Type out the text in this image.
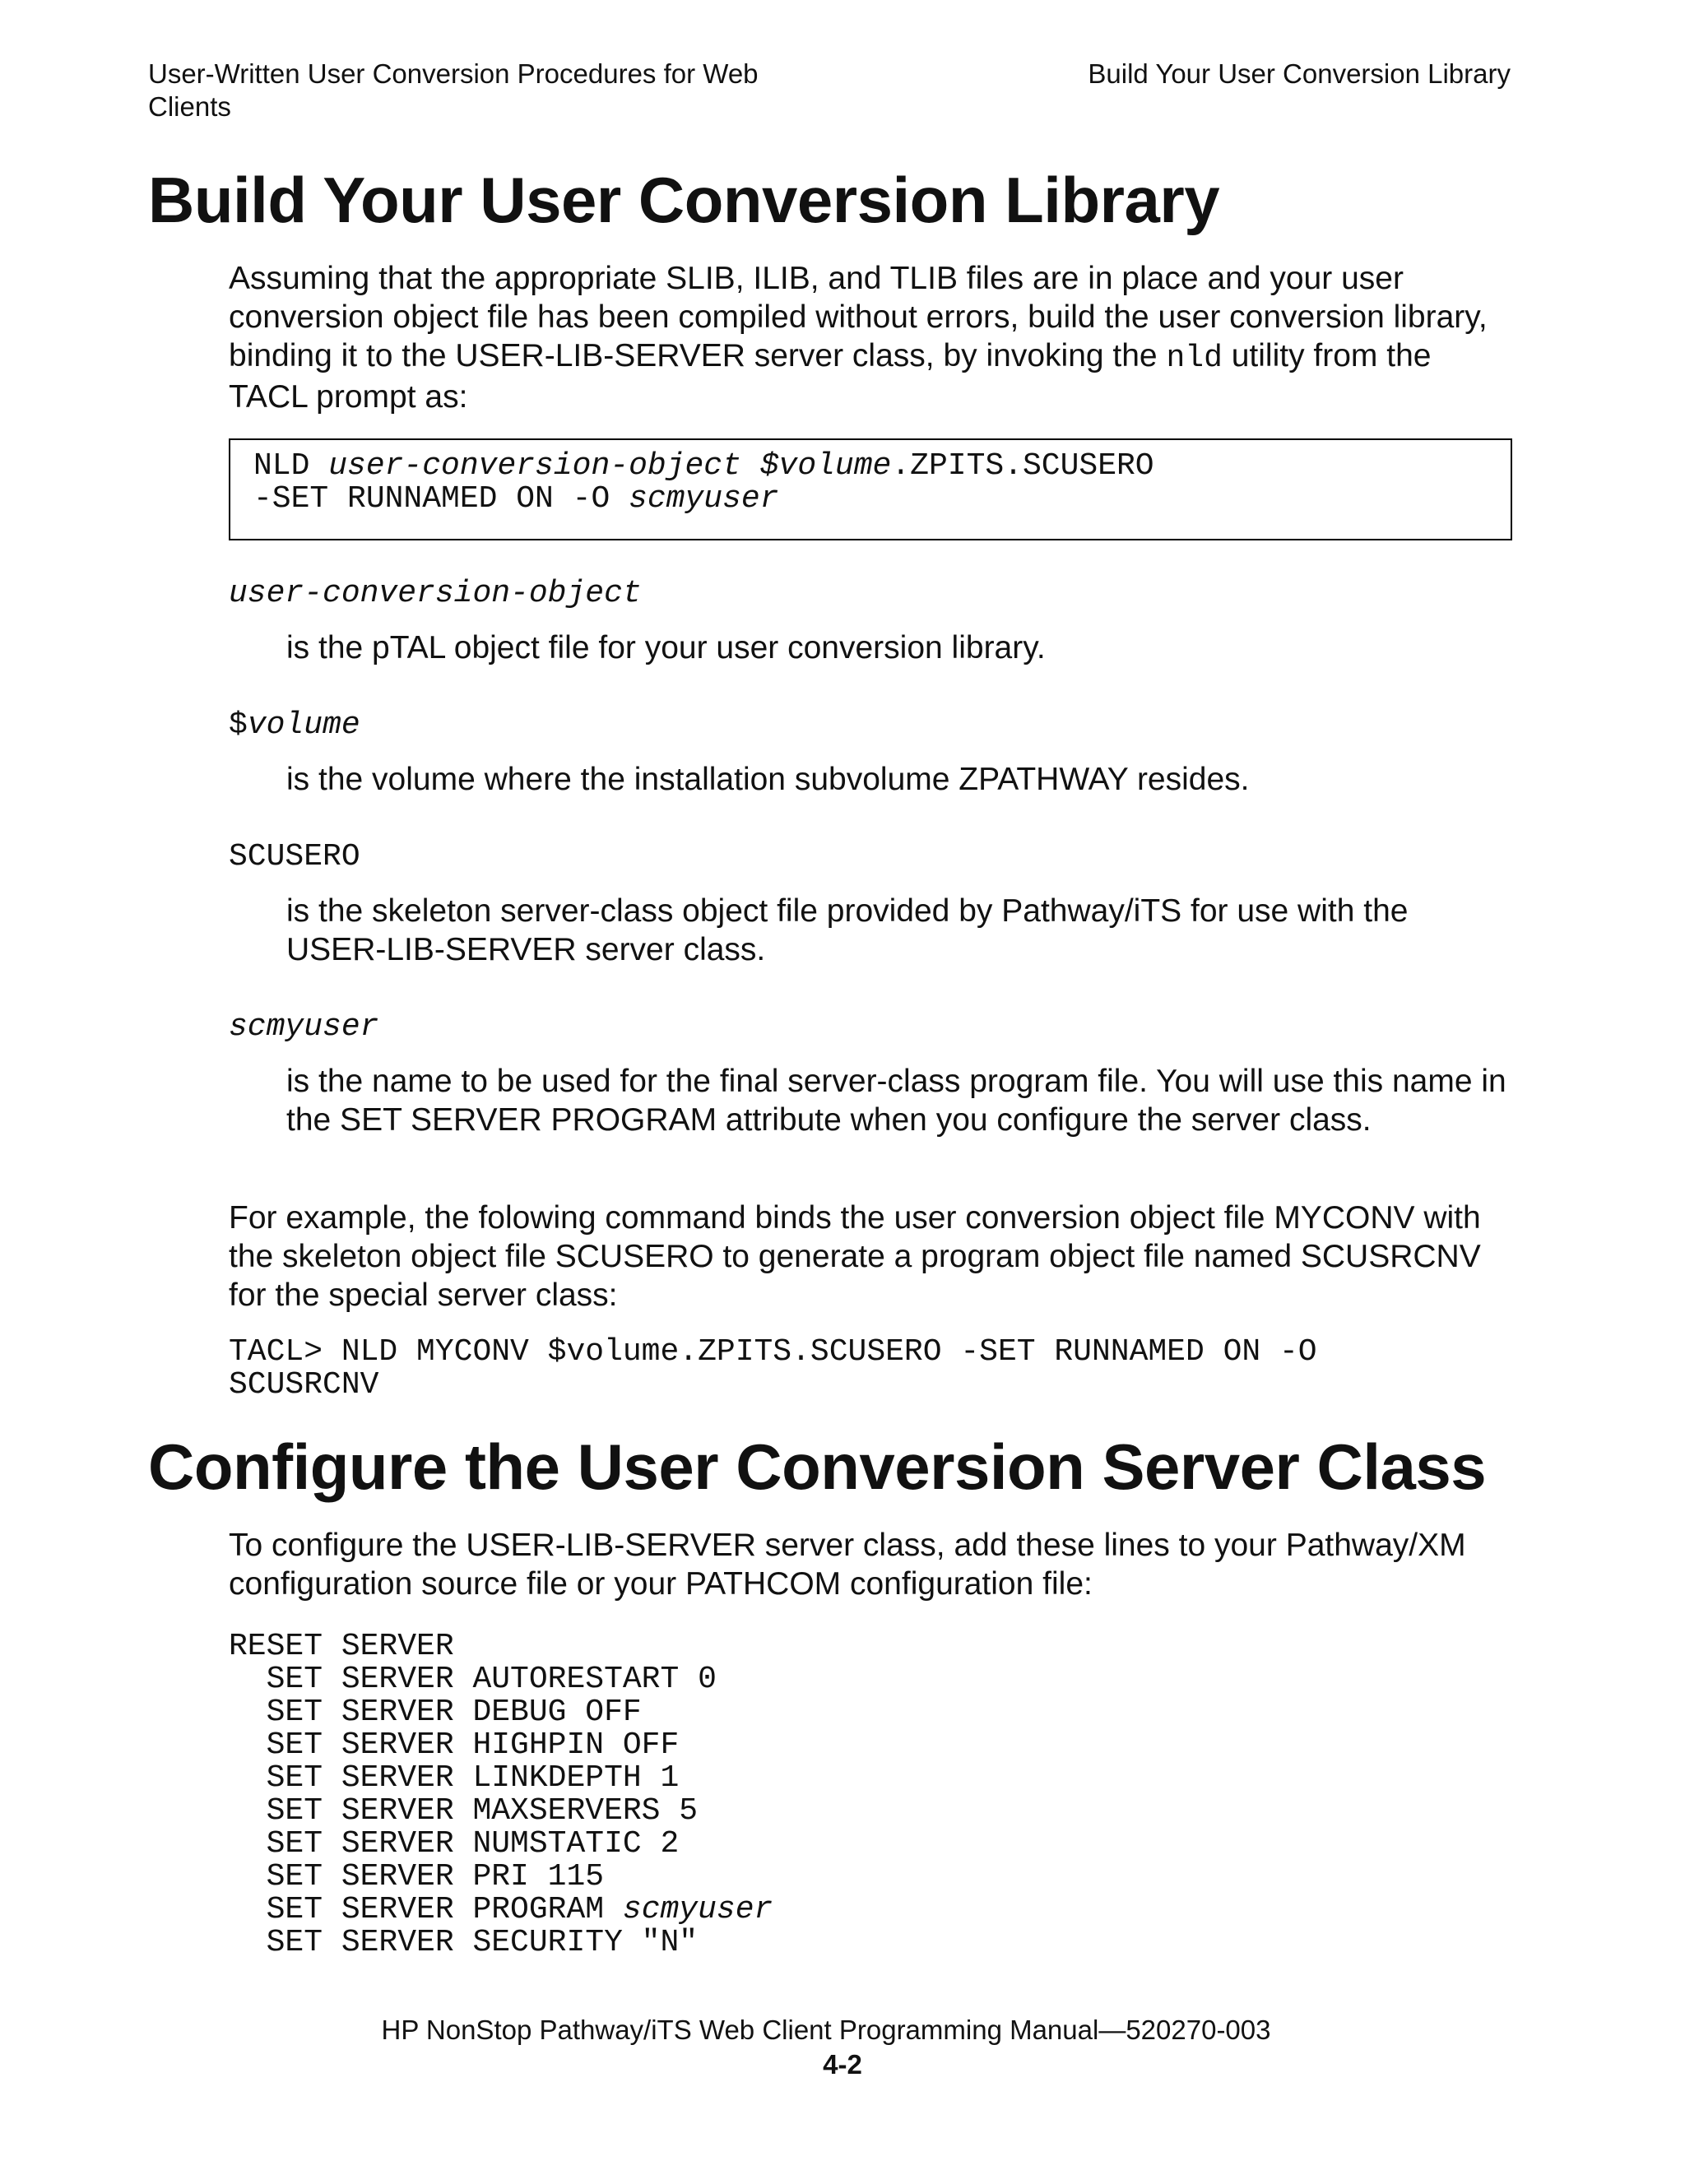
User-Written User Conversion Procedures for Web Clients
Build Your User Conversion Library
Build Your User Conversion Library
Assuming that the appropriate SLIB, ILIB, and TLIB files are in place and your user conversion object file has been compiled without errors, build the user conversion library, binding it to the USER-LIB-SERVER server class, by invoking the nld utility from the TACL prompt as:
NLD user-conversion-object $volume.ZPITS.SCUSERO
-SET RUNNAMED ON -O scmyuser
user-conversion-object
is the pTAL object file for your user conversion library.
$volume
is the volume where the installation subvolume ZPATHWAY resides.
SCUSERO
is the skeleton server-class object file provided by Pathway/iTS for use with the USER-LIB-SERVER server class.
scmyuser
is the name to be used for the final server-class program file. You will use this name in the SET SERVER PROGRAM attribute when you configure the server class.
For example, the folowing command binds the user conversion object file MYCONV with the skeleton object file SCUSERO to generate a program object file named SCUSRCNV for the special server class:
TACL> NLD MYCONV $volume.ZPITS.SCUSERO -SET RUNNAMED ON -O SCUSRCNV
Configure the User Conversion Server Class
To configure the USER-LIB-SERVER server class, add these lines to your Pathway/XM configuration source file or your PATHCOM configuration file:
RESET SERVER
SET SERVER AUTORESTART 0
SET SERVER DEBUG OFF
SET SERVER HIGHPIN OFF
SET SERVER LINKDEPTH 1
SET SERVER MAXSERVERS 5
SET SERVER NUMSTATIC 2
SET SERVER PRI 115
SET SERVER PROGRAM scmyuser
SET SERVER SECURITY "N"
HP NonStop Pathway/iTS Web Client Programming Manual—520270-003
4-2
